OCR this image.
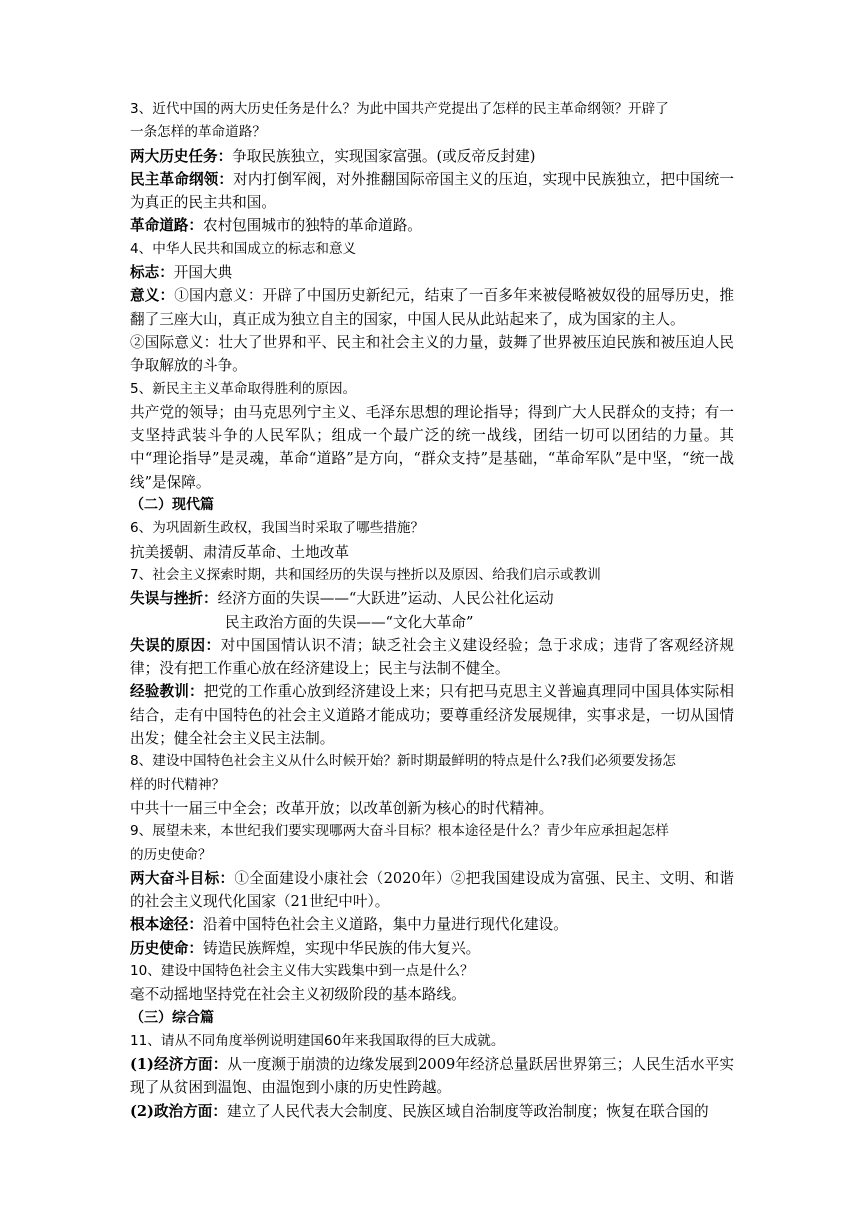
3、近代中国的两大历史任务是什么？为此中国共产党提出了怎样的民主革命纲领？开辟了

一条怎样的革命道路？

两大历史任务：争取民族独立，实现国家富强。(或反帝反封建)

民主革命纲领：对内打倒军阀，对外推翻国际帝国主义的压迫，实现中民族独立，把中国统一为真正的民主共和国。

革命道路：农村包围城市的独特的革命道路。

4、中华人民共和国成立的标志和意义

标志：开国大典

意义：①国内意义：开辟了中国历史新纪元，结束了一百多年来被侵略被奴役的屈辱历史，推翻了三座大山，真正成为独立自主的国家，中国人民从此站起来了，成为国家的主人。

②国际意义：壮大了世界和平、民主和社会主义的力量，鼓舞了世界被压迫民族和被压迫人民争取解放的斗争。

5、新民主主义革命取得胜利的原因。

共产党的领导；由马克思列宁主义、毛泽东思想的理论指导；得到广大人民群众的支持；有一支坚持武装斗争的人民军队；组成一个最广泛的统一战线，团结一切可以团结的力量。其中“理论指导”是灵魂，革命“道路”是方向，“群众支持”是基础，“革命军队”是中坚，“统一战线”是保障。

（二）现代篇

6、为巩固新生政权，我国当时采取了哪些措施？

抗美援朝、肃清反革命、土地改革

7、社会主义探索时期，共和国经历的失误与挫折以及原因、给我们启示或教训

失误与挫折：经济方面的失误——“大跃进”运动、人民公社化运动

民主政治方面的失误——“文化大革命”

失误的原因：对中国国情认识不清；缺乏社会主义建设经验；急于求成；违背了客观经济规律；没有把工作重心放在经济建设上；民主与法制不健全。

经验教训：把党的工作重心放到经济建设上来；只有把马克思主义普遍真理同中国具体实际相结合，走有中国特色的社会主义道路才能成功；要尊重经济发展规律，实事求是，一切从国情出发；健全社会主义民主法制。

8、建设中国特色社会主义从什么时候开始？新时期最鲜明的特点是什么?我们必须要发扬怎

样的时代精神？

中共十一届三中全会；改革开放；以改革创新为核心的时代精神。

9、展望未来，本世纪我们要实现哪两大奋斗目标？根本途径是什么？青少年应承担起怎样

的历史使命？

两大奋斗目标：①全面建设小康社会（2020年）②把我国建设成为富强、民主、文明、和谐的社会主义现代化国家（21世纪中叶）。

根本途径：沿着中国特色社会主义道路，集中力量进行现代化建设。

历史使命：铸造民族辉煌，实现中华民族的伟大复兴。

10、建设中国特色社会主义伟大实践集中到一点是什么？

毫不动摇地坚持党在社会主义初级阶段的基本路线。

（三）综合篇

11、请从不同角度举例说明建国60年来我国取得的巨大成就。

(1)经济方面：从一度濒于崩溃的边缘发展到2009年经济总量跃居世界第三；人民生活水平实现了从贫困到温饱、由温饱到小康的历史性跨越。

(2)政治方面：建立了人民代表大会制度、民族区域自治制度等政治制度；恢复在联合国的
